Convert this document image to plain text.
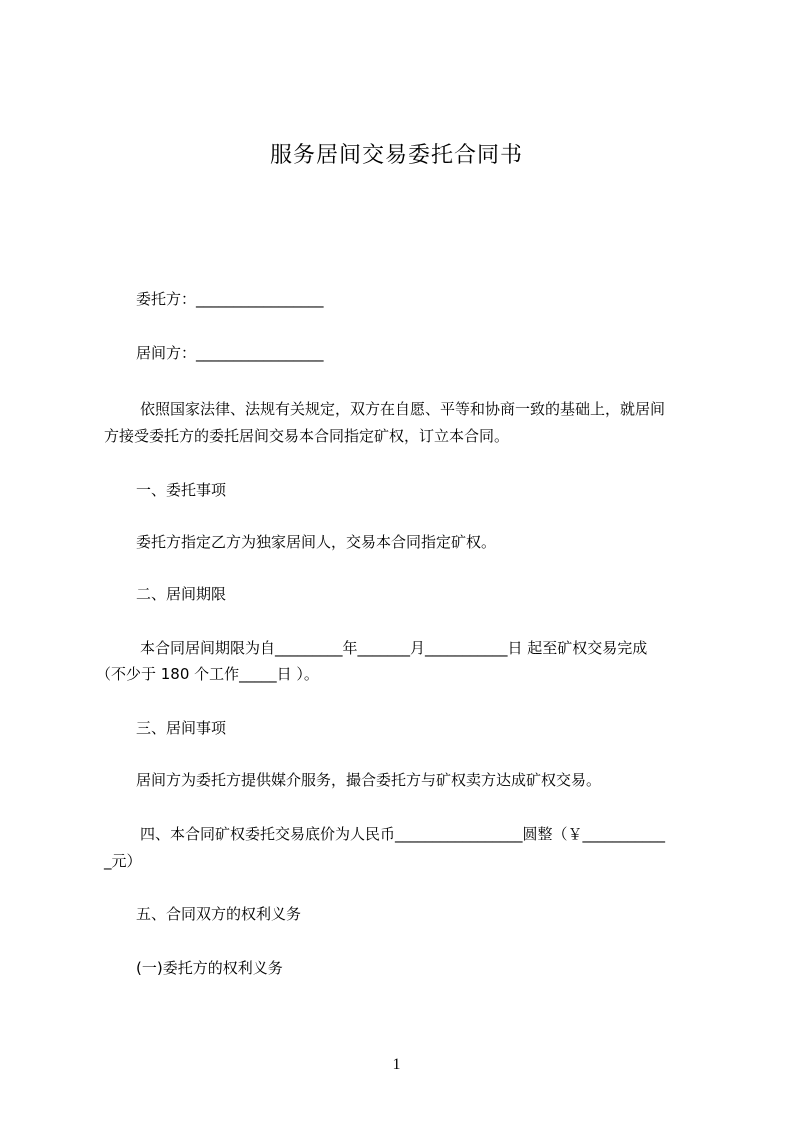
服务居间交易委托合同书
委托方：_________________
居间方：_________________
依照国家法律、法规有关规定，双方在自愿、平等和协商一致的基础上，就居间
方接受委托方的委托居间交易本合同指定矿权，订立本合同。
一、委托事项
委托方指定乙方为独家居间人，交易本合同指定矿权。
二、居间期限
本合同居间期限为自_________年_______月___________日 起至矿权交易完成
（不少于 180 个工作_____日 ）。
三、居间事项
居间方为委托方提供媒介服务，撮合委托方与矿权卖方达成矿权交易。
四、本合同矿权委托交易底价为人民币_________________圆整（￥___________
_元）
五、合同双方的权利义务
(一)委托方的权利义务
1
